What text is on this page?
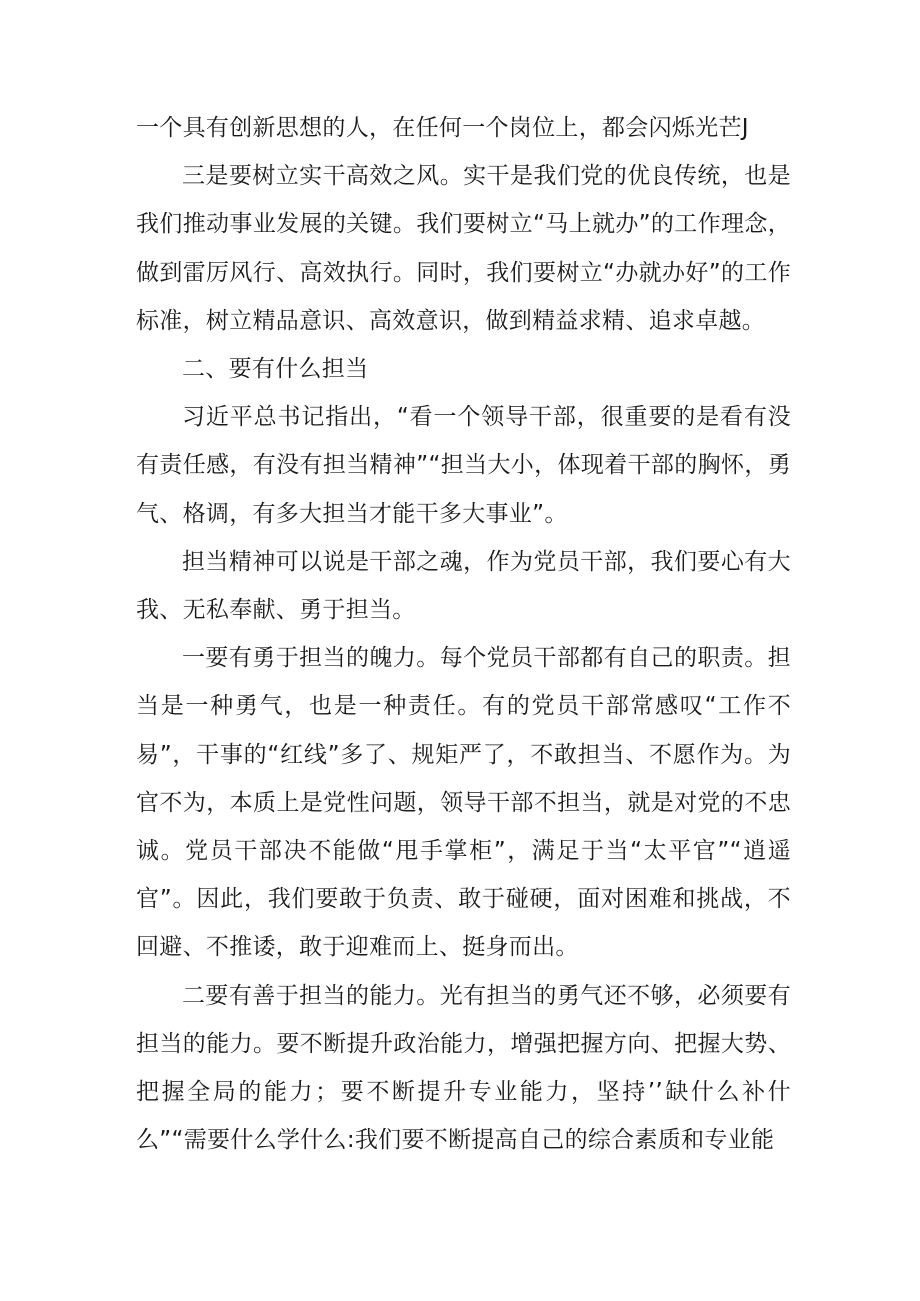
一个具有创新思想的人，在任何一个岗位上，都会闪烁光芒J

三是要树立实干高效之风。实干是我们党的优良传统，也是我们推动事业发展的关键。我们要树立“马上就办”的工作理念，做到雷厉风行、高效执行。同时，我们要树立“办就办好”的工作标准，树立精品意识、高效意识，做到精益求精、追求卓越。

二、要有什么担当

习近平总书记指出，“看一个领导干部，很重要的是看有没有责任感，有没有担当精神”“担当大小，体现着干部的胸怀，勇气、格调，有多大担当才能干多大事业”。

担当精神可以说是干部之魂，作为党员干部，我们要心有大我、无私奉献、勇于担当。

一要有勇于担当的魄力。每个党员干部都有自己的职责。担当是一种勇气，也是一种责任。有的党员干部常感叹“工作不易”，干事的“红线”多了、规矩严了，不敢担当、不愿作为。为官不为，本质上是党性问题，领导干部不担当，就是对党的不忠诚。党员干部决不能做“甩手掌柜”，满足于当“太平官”“逍遥官”。因此，我们要敢于负责、敢于碰硬，面对困难和挑战，不回避、不推诿，敢于迎难而上、挺身而出。

二要有善于担当的能力。光有担当的勇气还不够，必须要有担当的能力。要不断提升政治能力，增强把握方向、把握大势、把握全局的能力；要不断提升专业能力，坚持’’缺什么补什么”“需要什么学什么:我们要不断提高自己的综合素质和专业能
